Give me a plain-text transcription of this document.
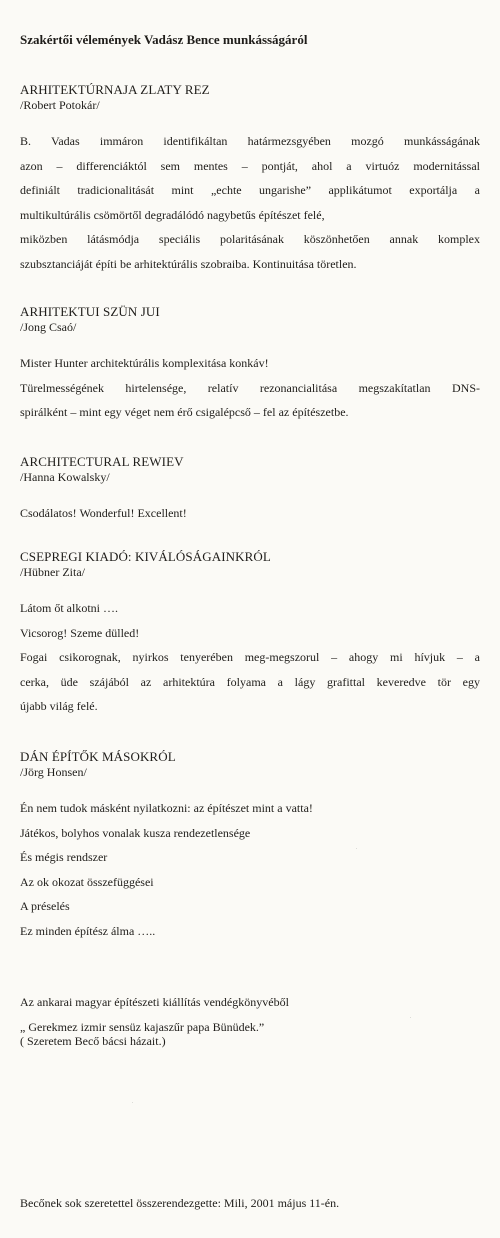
Szakértői vélemények Vadász Bence munkásságáról
ARHITEKTÚRNAJA ZLATY REZ
/Robert Potokár/
B. Vadas immáron identifikáltan határmezsgyében mozgó munkásságának
azon – differenciáktól sem mentes – pontját, ahol a virtuóz modernitással
definiált tradicionalitását mint „echte ungarishe” applikátumot exportálja a
multikultúrális csömörtől degradálódó nagybetűs építészet felé,
miközben látásmódja speciális polaritásának köszönhetően annak komplex
szubsztanciáját építi be arhitektúrális szobraiba. Kontinuitása töretlen.
ARHITEKTUI SZÜN JUI
/Jong Csaó/
Mister Hunter architektúrális komplexitása konkáv!
Türelmességének hirtelensége, relatív rezonancialitása megszakítatlan DNS-
spirálként – mint egy véget nem érő csigalépcső – fel az építészetbe.
ARCHITECTURAL REWIEV
/Hanna Kowalsky/
Csodálatos! Wonderful! Excellent!
CSEPREGI KIADÓ: KIVÁLÓSÁGAINKRÓL
/Hübner Zita/
Látom őt alkotni ….
Vicsorog! Szeme dülled!
Fogai csikorognak, nyirkos tenyerében meg-megszorul – ahogy mi hívjuk – a
cerka, üde szájából az arhitektúra folyama a lágy grafittal keveredve tör egy
újabb világ felé.
DÁN ÉPÍTŐK MÁSOKRÓL
/Jörg Honsen/
Én nem tudok másként nyilatkozni: az építészet mint a vatta!
Játékos, bolyhos vonalak kusza rendezetlensége
És mégis rendszer
Az ok okozat összefüggései
A préselés
Ez minden építész álma …..
Az ankarai magyar építészeti kiállítás vendégkönyvéből
„ Gerekmez izmir sensüz kajaszűr papa Bünüdek.”
( Szeretem Becő bácsi házait.)
Becőnek sok szeretettel összerendezgette: Mili, 2001 május 11-én.
